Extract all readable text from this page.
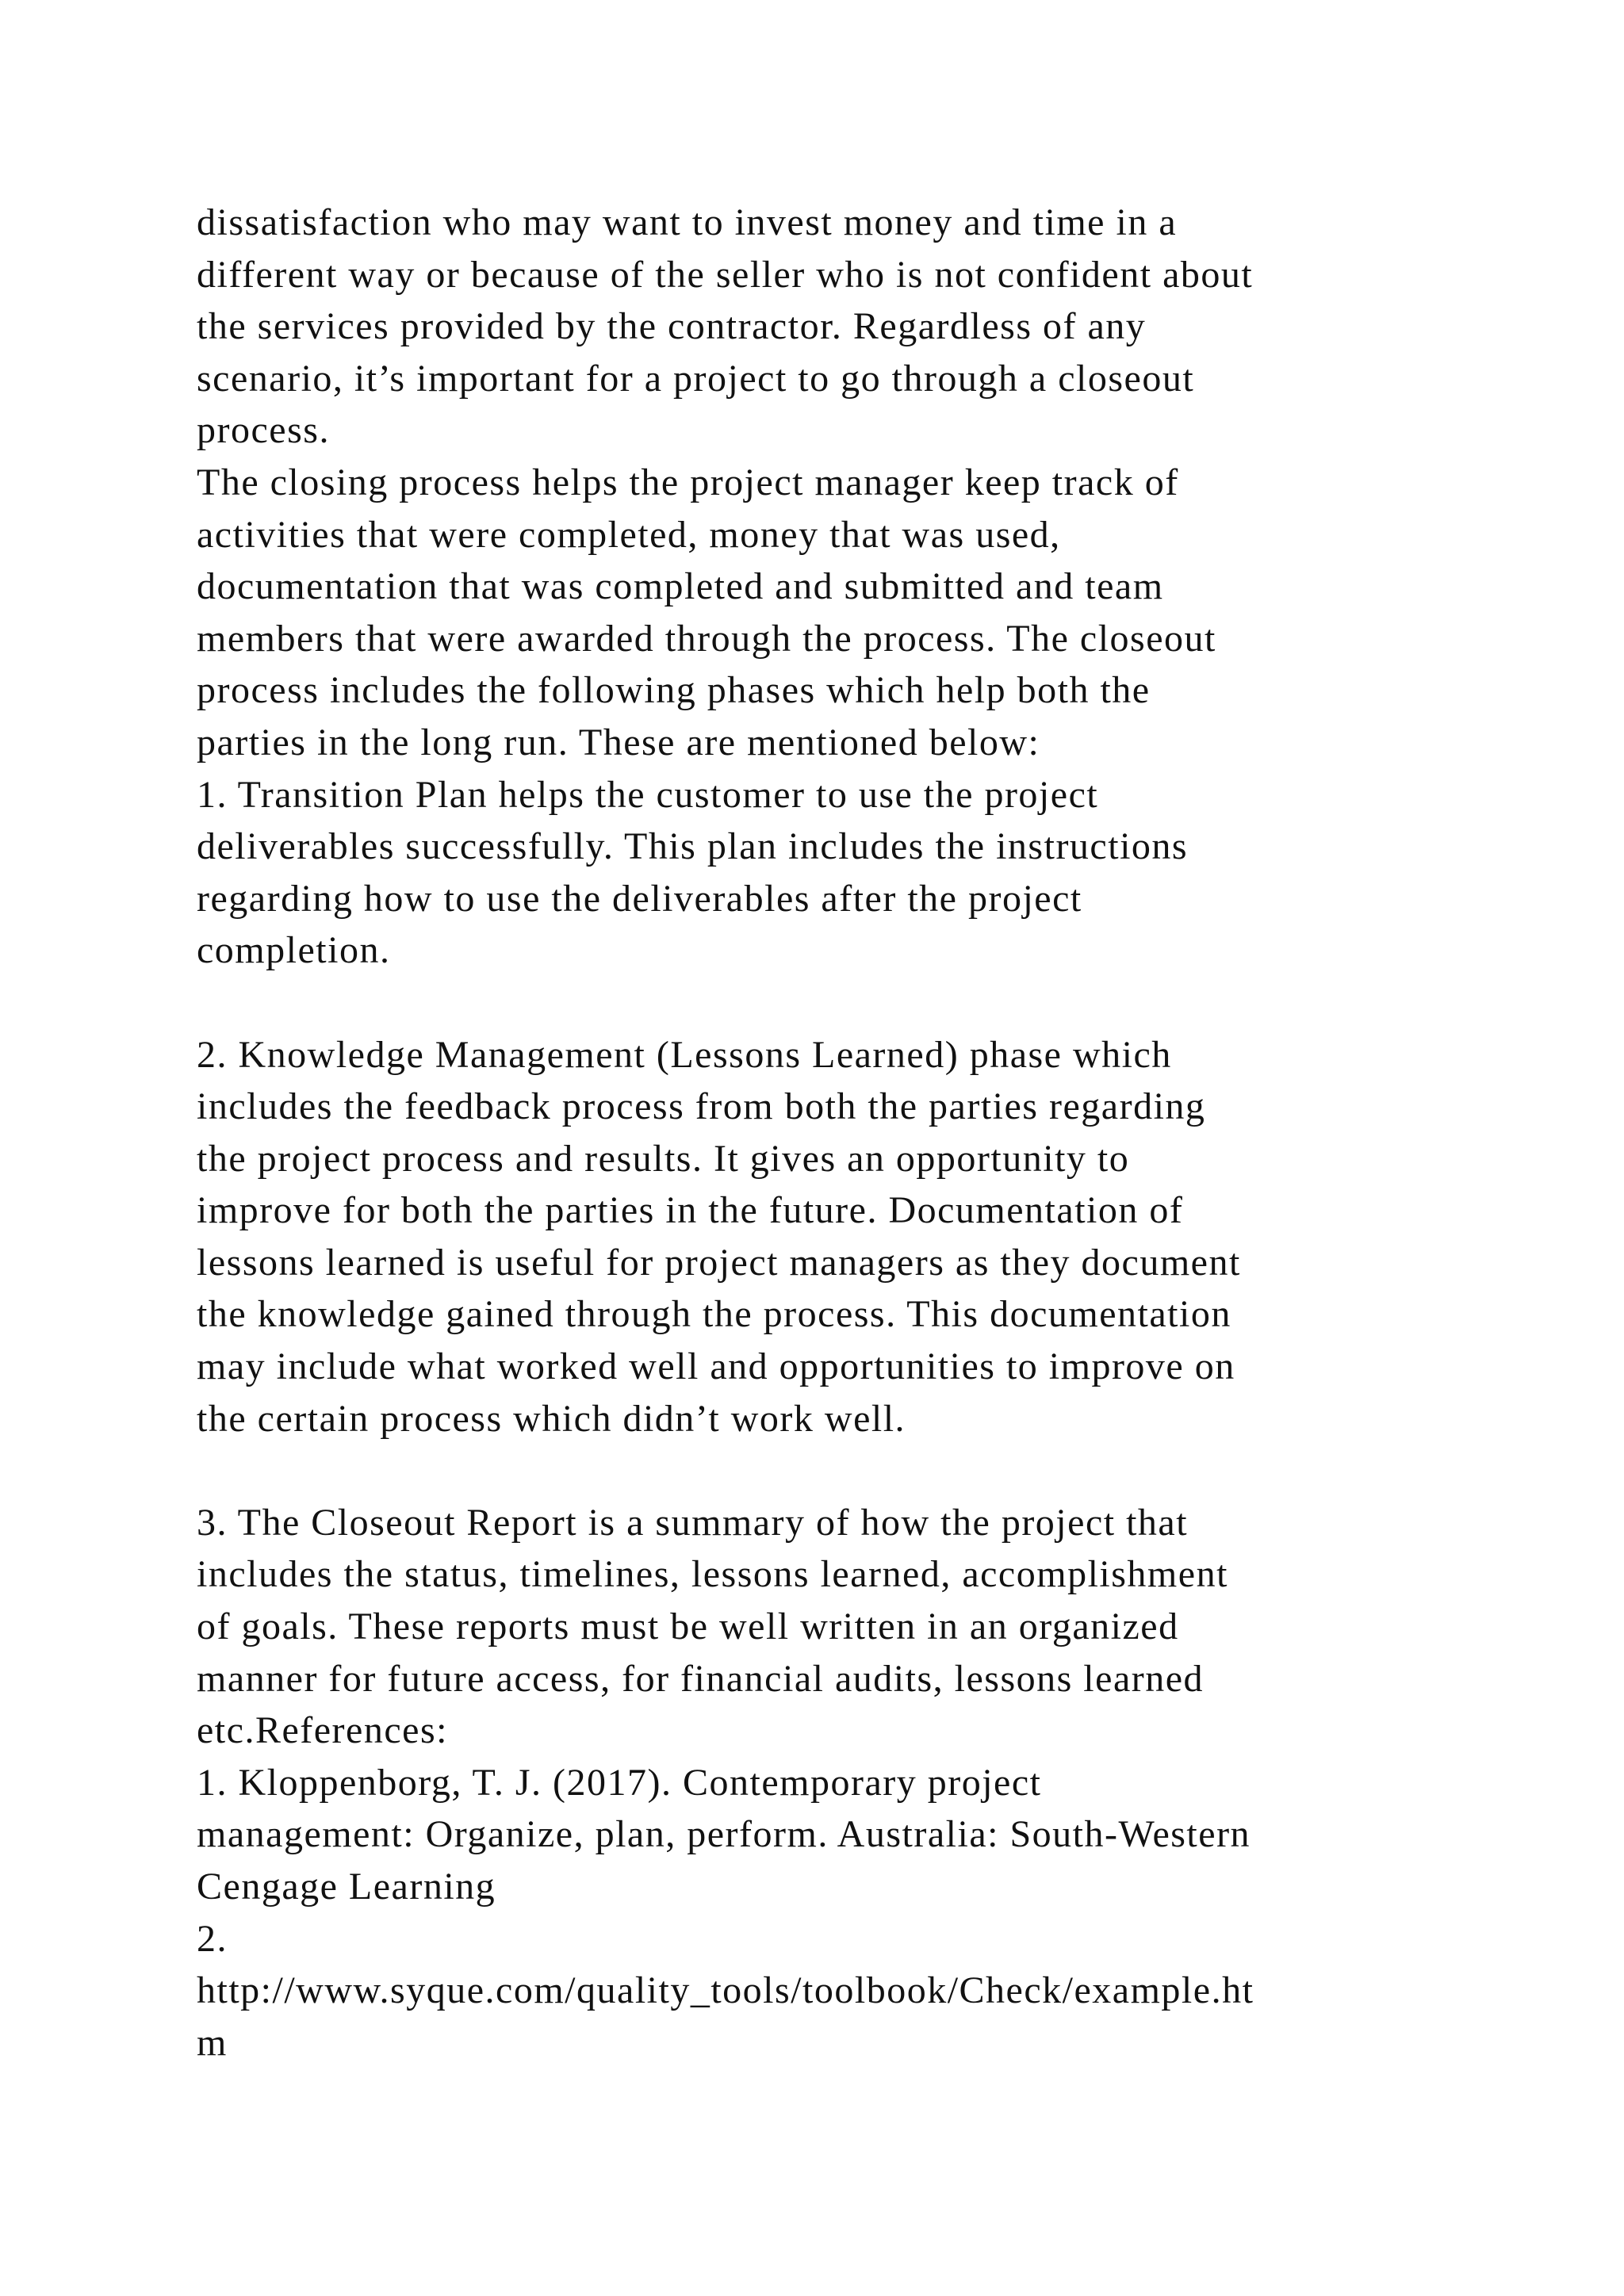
dissatisfaction who may want to invest money and time in a
different way or because of the seller who is not confident about
the services provided by the contractor. Regardless of any
scenario, it’s important for a project to go through a closeout
process.
The closing process helps the project manager keep track of
activities that were completed, money that was used,
documentation that was completed and submitted and team
members that were awarded through the process. The closeout
process includes the following phases which help both the
parties in the long run. These are mentioned below:
1. Transition Plan helps the customer to use the project
deliverables successfully. This plan includes the instructions
regarding how to use the deliverables after the project
completion.
2. Knowledge Management (Lessons Learned) phase which
includes the feedback process from both the parties regarding
the project process and results. It gives an opportunity to
improve for both the parties in the future. Documentation of
lessons learned is useful for project managers as they document
the knowledge gained through the process. This documentation
may include what worked well and opportunities to improve on
the certain process which didn’t work well.
3. The Closeout Report is a summary of how the project that
includes the status, timelines, lessons learned, accomplishment
of goals. These reports must be well written in an organized
manner for future access, for financial audits, lessons learned
etc.References:
1. Kloppenborg, T. J. (2017). Contemporary project
management: Organize, plan, perform. Australia: South-Western
Cengage Learning
2.
http://www.syque.com/quality_tools/toolbook/Check/example.ht
m
